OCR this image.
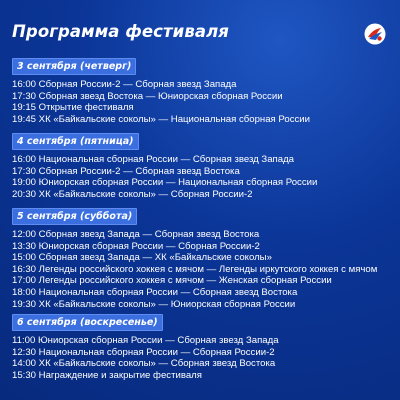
Программа фестиваля
3 сентября (четверг)
16:00 Сборная России-2 — Сборная звезд Запада
17:30 Сборная звезд Востока — Юниорская сборная России
19:15 Открытие фестиваля
19:45 ХК «Байкальские соколы» — Национальная сборная России
4 сентября (пятница)
16:00 Национальная сборная России — Сборная звезд Запада
17:30 Сборная России-2 — Сборная звезд Востока
19:00 Юниорская сборная России — Национальная сборная России
20:30 ХК «Байкальские соколы» — Сборная России-2
5 сентября (суббота)
12:00 Сборная звезд Запада — Сборная звезд Востока
13:30 Юниорская сборная России — Сборная России-2
15:00 Сборная звезд Запада — ХК «Байкальские соколы»
16:30 Легенды российского хоккея с мячом — Легенды иркутского хоккея с мячом
17:00 Легенды российского хоккея с мячом — Женская сборная России
18:00 Национальная сборная России — Сборная звезд Востока
19:30 ХК «Байкальские соколы» — Юниорская сборная России
6 сентября (воскресенье)
11:00 Юниорская сборная России — Сборная звезд Запада
12:30 Национальная сборная России — Сборная России-2
14:00 ХК «Байкальские соколы» — Сборная звезд Востока
15:30 Награждение и закрытие фестиваля
